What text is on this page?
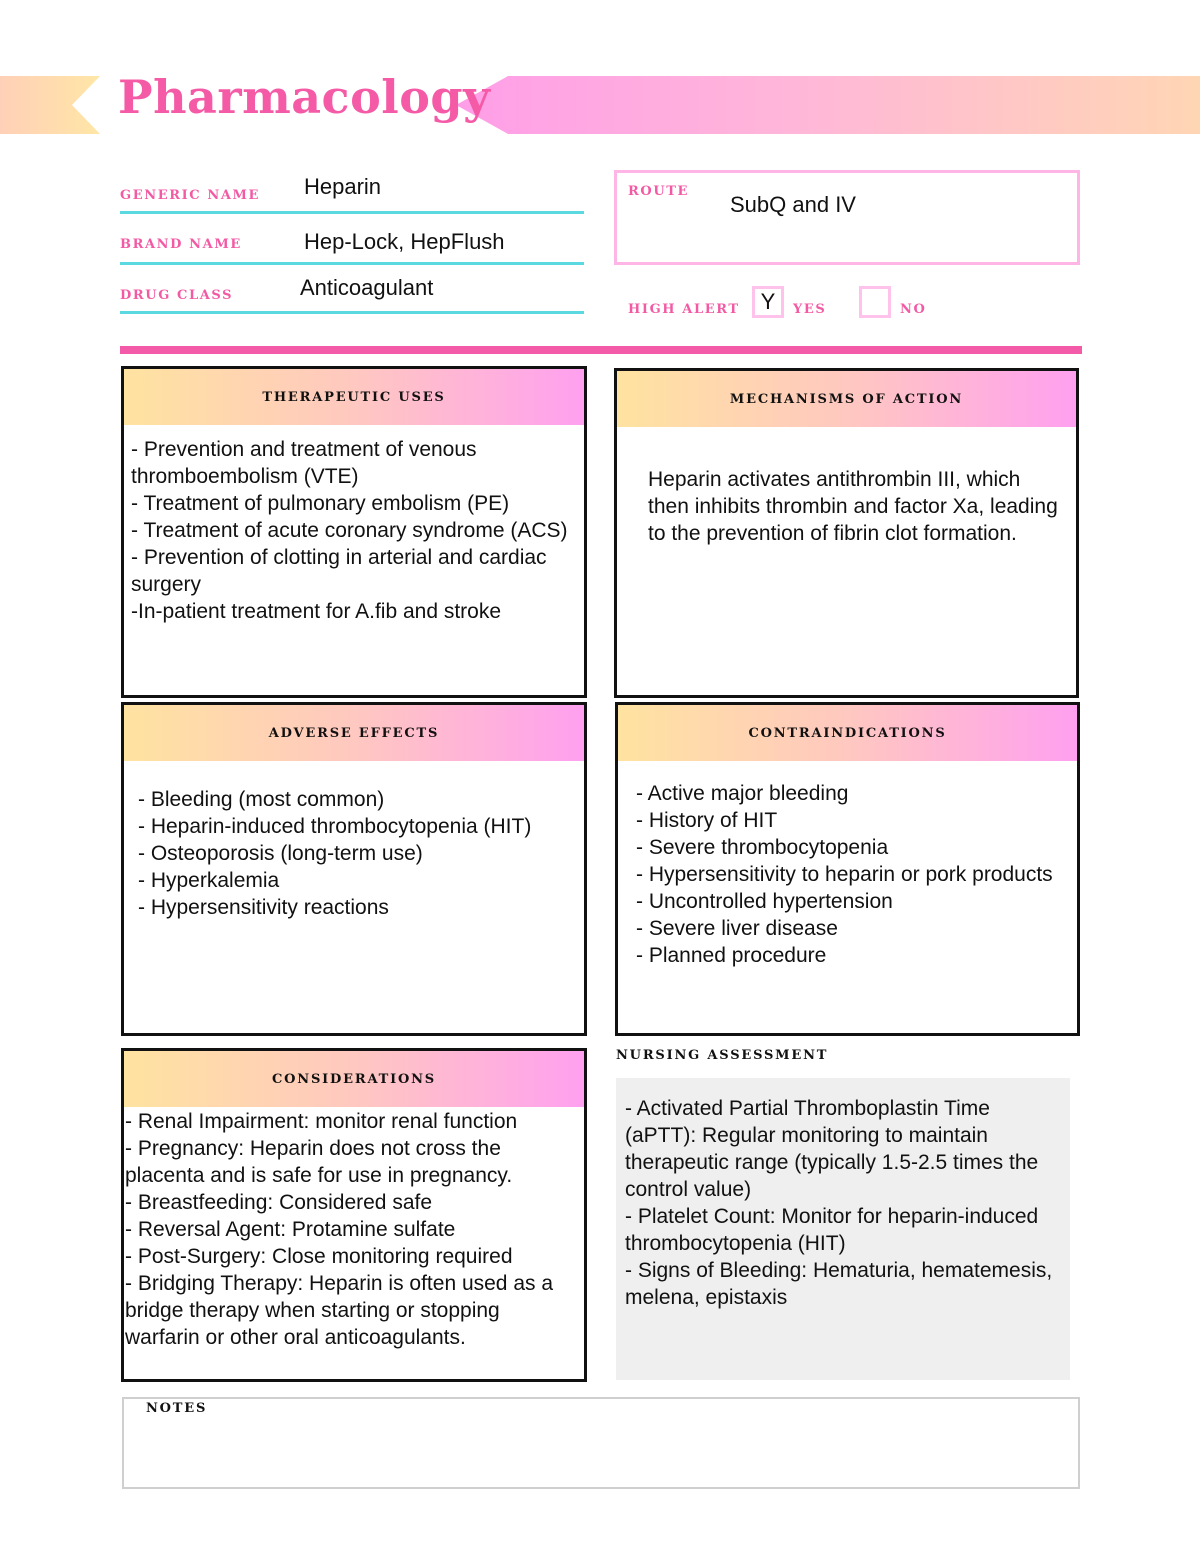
Pharmacology
GENERIC NAME Heparin
BRAND NAME	Hep-Lock, HepFlush
DRUG CLASS	Anticoagulant
ROUTE
SubQ and IV
HIGH ALERT Y	YES	NO
THERAPEUTIC USES
- Prevention and treatment of venous thromboembolism (VTE)
- Treatment of pulmonary embolism (PE)
- Treatment of acute coronary syndrome (ACS)
- Prevention of clotting in arterial and cardiac surgery
-In-patient treatment for A.fib and stroke
MECHANISMS OF ACTION
Heparin activates antithrombin III, which then inhibits thrombin and factor Xa, leading to the prevention of fibrin clot formation.
ADVERSE EFFECTS
- Bleeding (most common)
- Heparin-induced thrombocytopenia (HIT)
- Osteoporosis (long-term use)
- Hyperkalemia
- Hypersensitivity reactions
CONTRAINDICATIONS
- Active major bleeding
- History of HIT
- Severe thrombocytopenia
- Hypersensitivity to heparin or pork products
- Uncontrolled hypertension
- Severe liver disease
- Planned procedure
CONSIDERATIONS
- Renal Impairment: monitor renal function
- Pregnancy: Heparin does not cross the placenta and is safe for use in pregnancy.
- Breastfeeding: Considered safe
- Reversal Agent: Protamine sulfate
- Post-Surgery: Close monitoring required
- Bridging Therapy: Heparin is often used as a bridge therapy when starting or stopping warfarin or other oral anticoagulants.
NURSING ASSESSMENT
- Activated Partial Thromboplastin Time (aPTT): Regular monitoring to maintain therapeutic range (typically 1.5-2.5 times the control value)
- Platelet Count: Monitor for heparin-induced thrombocytopenia (HIT)
- Signs of Bleeding: Hematuria, hematemesis, melena, epistaxis
NOTES
